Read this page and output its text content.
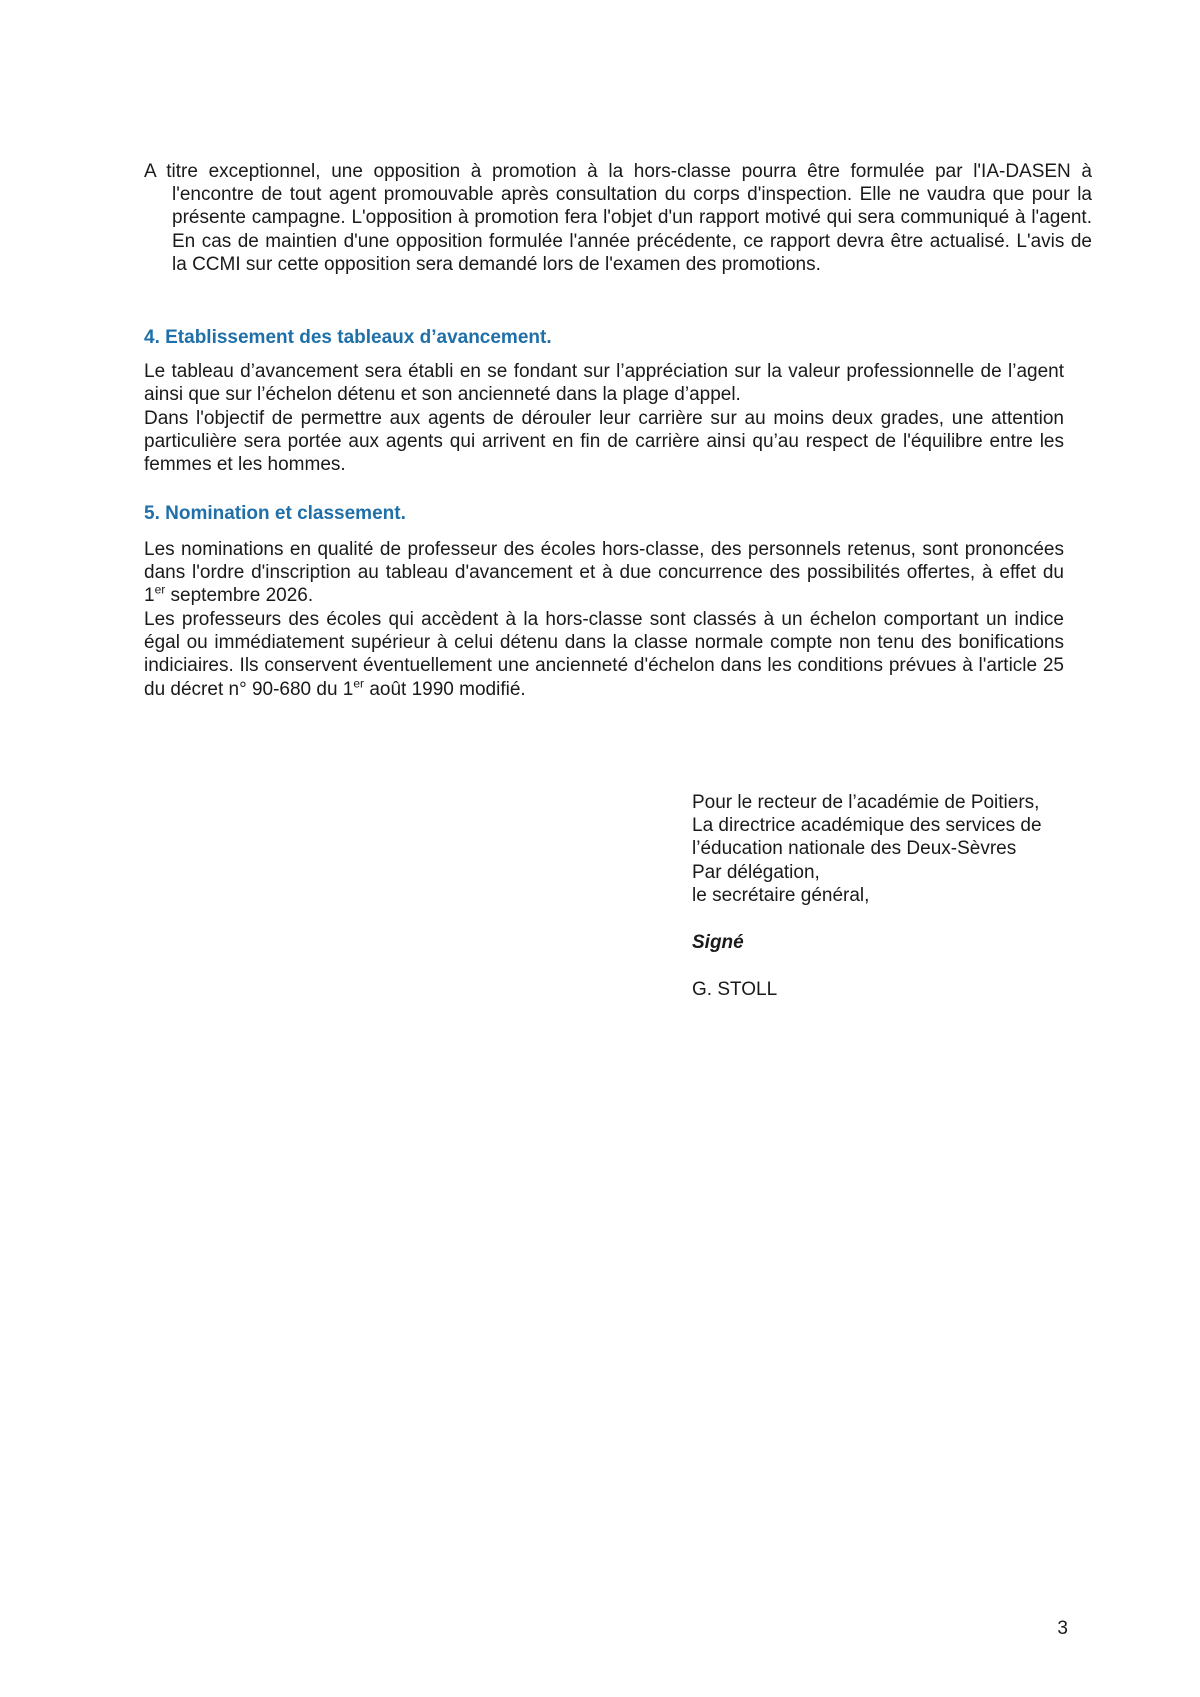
A titre exceptionnel, une opposition à promotion à la hors-classe pourra être formulée par l'IA-DASEN à l'encontre de tout agent promouvable après consultation du corps d'inspection. Elle ne vaudra que pour la présente campagne. L'opposition à promotion fera l'objet d'un rapport motivé qui sera communiqué à l'agent. En cas de maintien d'une opposition formulée l'année précédente, ce rapport devra être actualisé. L'avis de la CCMI sur cette opposition sera demandé lors de l'examen des promotions.

4. Etablissement des tableaux d’avancement.

Le tableau d’avancement sera établi en se fondant sur l’appréciation sur la valeur professionnelle de l’agent ainsi que sur l’échelon détenu et son ancienneté dans la plage d’appel.

Dans l'objectif de permettre aux agents de dérouler leur carrière sur au moins deux grades, une attention particulière sera portée aux agents qui arrivent en fin de carrière ainsi qu’au respect de l'équilibre entre les femmes et les hommes.

5. Nomination et classement.

Les nominations en qualité de professeur des écoles hors-classe, des personnels retenus, sont prononcées dans l'ordre d'inscription au tableau d'avancement et à due concurrence des possibilités offertes, à effet du 1er septembre 2026.

Les professeurs des écoles qui accèdent à la hors-classe sont classés à un échelon comportant un indice égal ou immédiatement supérieur à celui détenu dans la classe normale compte non tenu des bonifications indiciaires. Ils conservent éventuellement une ancienneté d'échelon dans les conditions prévues à l'article 25 du décret n° 90-680 du 1er août 1990 modifié.

Pour le recteur de l’académie de Poitiers,
La directrice académique des services de
l’éducation nationale des Deux-Sèvres
Par délégation,
le secrétaire général,

Signé

G. STOLL

3
